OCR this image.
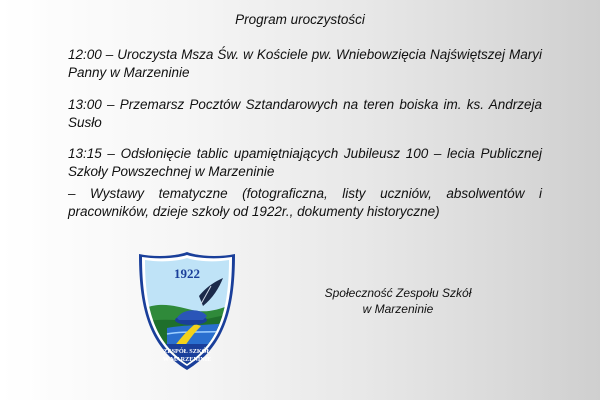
Program uroczystości
12:00 – Uroczysta Msza Św. w Kościele pw. Wniebowzięcia Najświętszej Maryi Panny w Marzeninie
13:00 – Przemarsz Pocztów Sztandarowych na teren boiska im. ks. Andrzeja Susło
13:15 – Odsłonięcie tablic upamiętniających Jubileusz 100 – lecia Publicznej Szkoły Powszechnej w Marzeninie
– Wystawy tematyczne (fotograficzna, listy uczniów, absolwentów i pracowników, dzieje szkoły od 1922r., dokumenty historyczne)
1922
ZESPÓŁ SZKÓŁ
W MARZENINIE
Społeczność Zespołu Szkół
w Marzeninie
